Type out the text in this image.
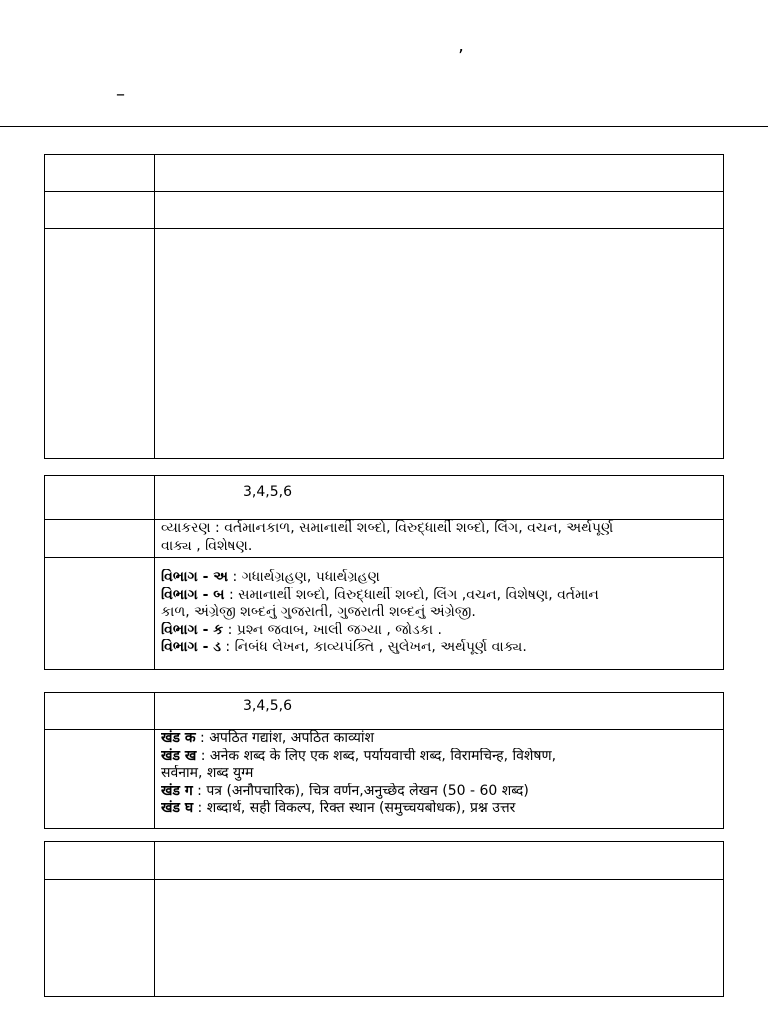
’
–

	3,4,5,6

	વ્યાકરણ : વર્તમાનકાળ, સમાનાર્થી શબ્દો, વિરુદ્ધાર્થી શબ્દો, લિંગ, વચન, અર્થપૂર્ણ
વાક્ય , વિશેષણ.

	વિભાગ - અ : ગધાર્થગ્રહણ, પધાર્થગ્રહણ
વિભાગ - બ : સમાનાર્થી શબ્દો, વિરુદ્ધાર્થી શબ્દો, લિંગ ,વચન, વિશેષણ, વર્તમાન
કાળ, અંગ્રેજી શબ્દનું ગુજરાતી, ગુજરાતી શબ્દનું અંગ્રેજી.
વિભાગ - ક : પ્રશ્ન જવાબ, ખાલી જગ્યા , જોડકા .
વિભાગ - ડ : નિબંધ લેખન, કાવ્યપંક્તિ , સુલેખન, અર્થપૂર્ણ વાક્ય.
	3,4,5,6

	खंड क : अपठित गद्यांश, अपठित काव्यांश
खंड ख : अनेक शब्द के लिए एक शब्द, पर्यायवाची शब्द, विरामचिन्ह, विशेषण,
सर्वनाम, शब्द युग्म
खंड ग : पत्र (अनौपचारिक), चित्र वर्णन,अनुच्छेद लेखन (50 - 60 शब्द)
खंड घ : शब्दार्थ, सही विकल्प, रिक्त स्थान (समुच्चयबोधक), प्रश्न उत्तर
